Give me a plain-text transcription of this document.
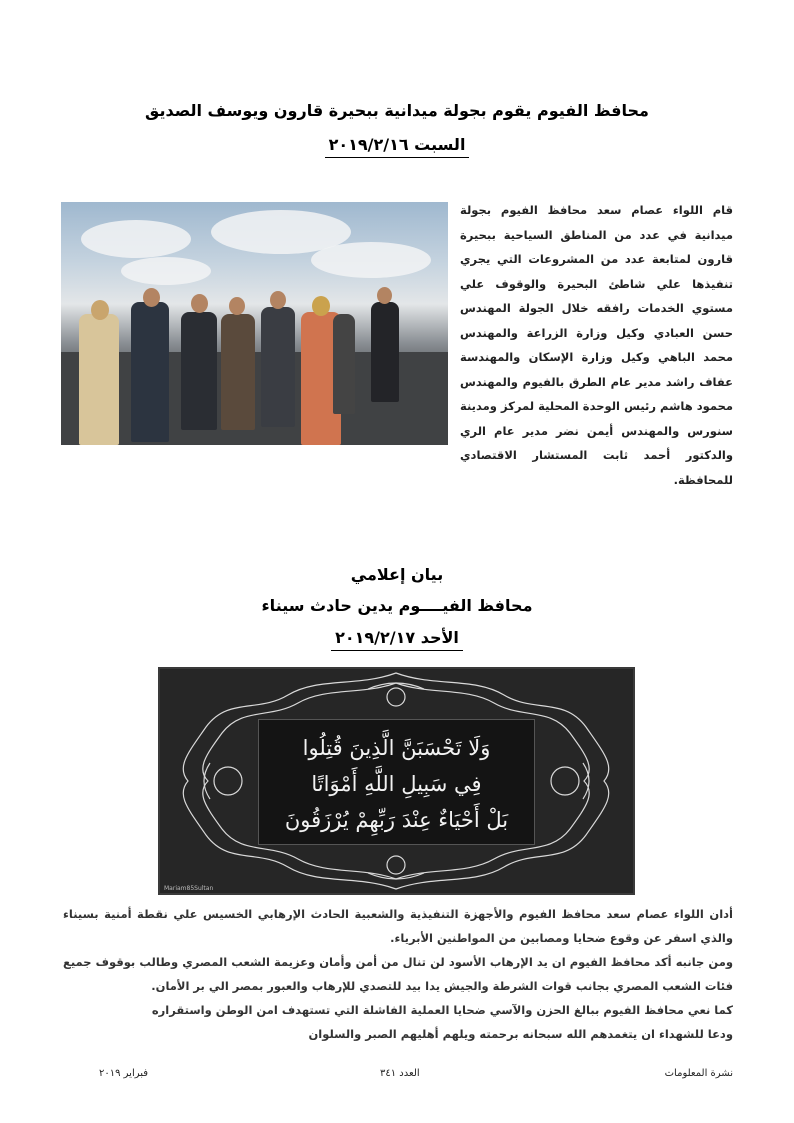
محافظ الفيوم يقوم بجولة ميدانية ببحيرة قارون ويوسف الصديق
السبت ٢٠١٩/٢/١٦
قام اللواء عصام سعد محافظ الفيوم بجولة ميدانية في عدد من المناطق السياحية ببحيرة قارون لمتابعة عدد من المشروعات التي يجري تنفيذها علي شاطئ البحيرة والوقوف علي مستوي الخدمات رافقه خلال الجولة المهندس حسن العبادي وكيل وزارة الزراعة والمهندس محمد الباهي وكيل وزارة الإسكان والمهندسة عفاف راشد مدير عام الطرق بالفيوم والمهندس محمود هاشم رئيس الوحدة المحلية لمركز ومدينة سنورس والمهندس أيمن نضر مدير عام الري والدكتور أحمد ثابت المستشار الاقتصادي للمحافظة.
بيان إعلامي
محافظ الفيــــوم يدين حادث سيناء
الأحد ٢٠١٩/٢/١٧
وَلَا تَحْسَبَنَّ الَّذِينَ قُتِلُوا
فِي سَبِيلِ اللَّهِ أَمْوَاتًا
بَلْ أَحْيَاءٌ عِنْدَ رَبِّهِمْ يُرْزَقُونَ
Mariam85Sultan

أدان اللواء عصام سعد محافظ الفيوم والأجهزة التنفيذية والشعبية الحادث الإرهابي الخسيس علي نقطة أمنية بسيناء والذي اسفر عن وقوع ضحايا ومصابين من المواطنين الأبرياء.

ومن جانبه أكد محافظ الفيوم ان يد الإرهاب الأسود لن تنال من أمن وأمان وعزيمة الشعب المصري وطالب بوقوف جميع فئات الشعب المصري بجانب قوات الشرطة والجيش يدا بيد للتصدي للإرهاب والعبور بمصر الي بر الأمان.

كما نعي محافظ الفيوم ببالغ الحزن والآسي ضحايا العملية الفاشلة التي تستهدف امن الوطن واستقراره

ودعا للشهداء ان يتغمدهم الله سبحانه برحمته ويلهم أهليهم الصبر والسلوان

نشرة المعلومات
العدد ٣٤١
فبراير ٢٠١٩
